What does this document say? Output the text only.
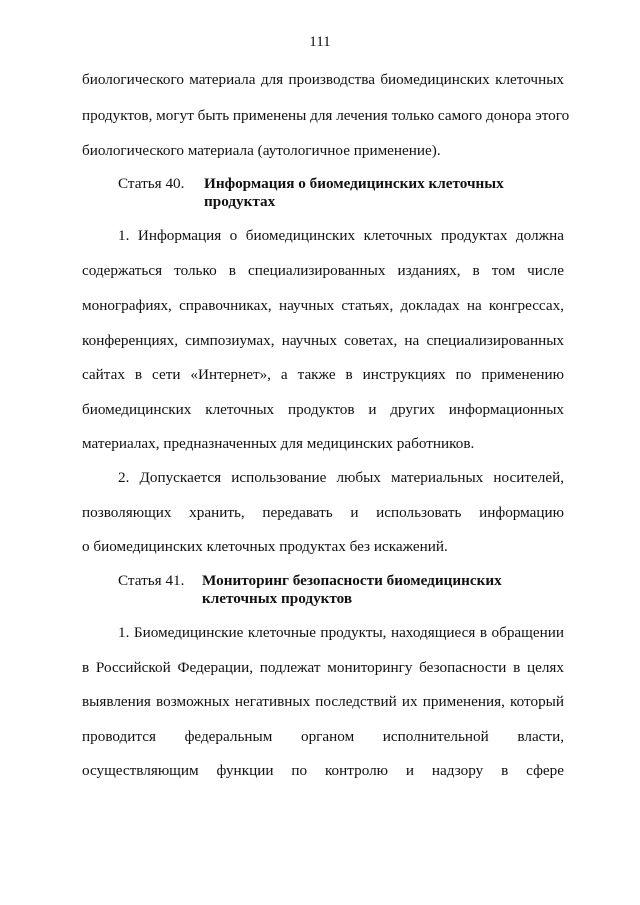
111
биологического материала для производства биомедицинских клеточных
продуктов, могут быть применены для лечения только самого донора этого
биологического материала (аутологичное применение).
Статья 40. Информация о биомедицинских клеточных
продуктах
1. Информация о биомедицинских клеточных продуктах должна
содержаться только в специализированных изданиях, в том числе
монографиях, справочниках, научных статьях, докладах на конгрессах,
конференциях, симпозиумах, научных советах, на специализированных
сайтах в сети «Интернет», а также в инструкциях по применению
биомедицинских клеточных продуктов и других информационных
материалах, предназначенных для медицинских работников.
2. Допускается использование любых материальных носителей,
позволяющих хранить, передавать и использовать информацию
о биомедицинских клеточных продуктах без искажений.
Статья 41. Мониторинг безопасности биомедицинских
клеточных продуктов
1. Биомедицинские клеточные продукты, находящиеся в обращении
в Российской Федерации, подлежат мониторингу безопасности в целях
выявления возможных негативных последствий их применения, который
проводится федеральным органом исполнительной власти,
осуществляющим функции по контролю и надзору в сфере
